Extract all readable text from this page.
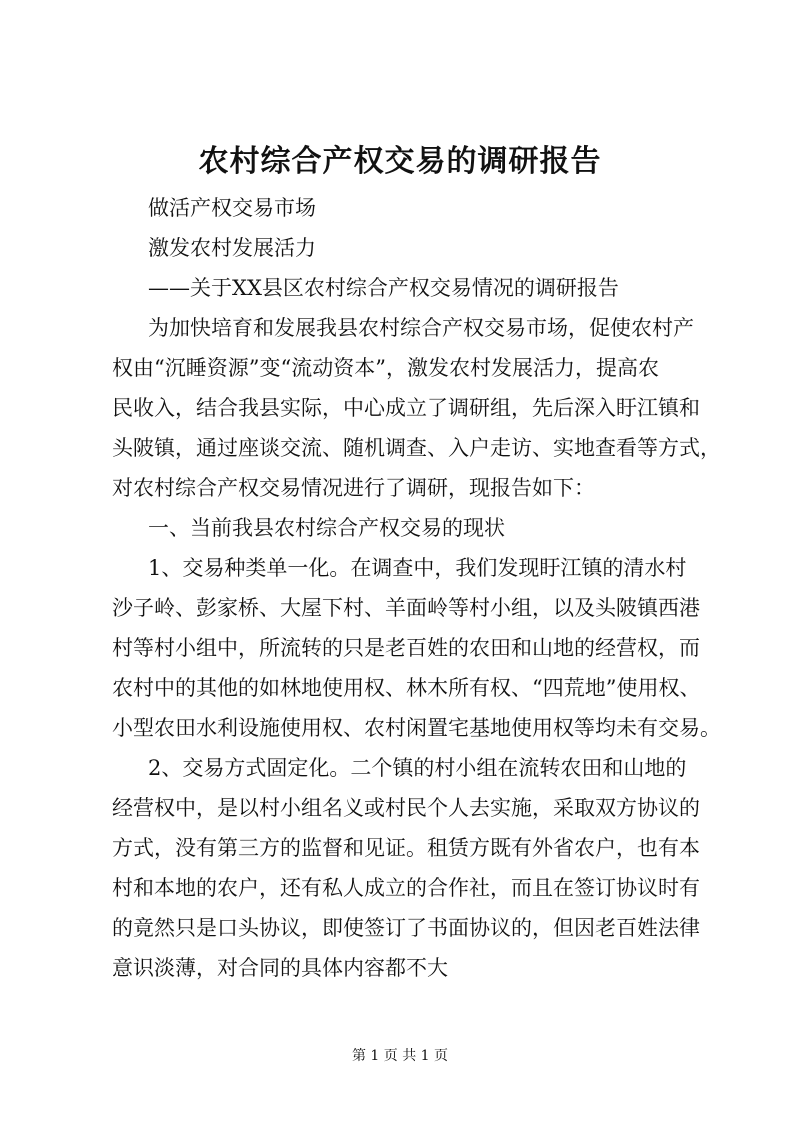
农村综合产权交易的调研报告
做活产权交易市场
激发农村发展活力
——关于XX县区农村综合产权交易情况的调研报告
为加快培育和发展我县农村综合产权交易市场，促使农村产
权由“沉睡资源”变“流动资本”，激发农村发展活力，提高农
民收入，结合我县实际，中心成立了调研组，先后深入盱江镇和
头陂镇，通过座谈交流、随机调查、入户走访、实地查看等方式，
对农村综合产权交易情况进行了调研，现报告如下：
一、当前我县农村综合产权交易的现状
1、交易种类单一化。在调查中，我们发现盱江镇的清水村
沙子岭、彭家桥、大屋下村、羊面岭等村小组，以及头陂镇西港
村等村小组中，所流转的只是老百姓的农田和山地的经营权，而
农村中的其他的如林地使用权、林木所有权、“四荒地”使用权、
小型农田水利设施使用权、农村闲置宅基地使用权等均未有交易。
2、交易方式固定化。二个镇的村小组在流转农田和山地的
经营权中，是以村小组名义或村民个人去实施，采取双方协议的
方式，没有第三方的监督和见证。租赁方既有外省农户，也有本
村和本地的农户，还有私人成立的合作社，而且在签订协议时有
的竟然只是口头协议，即使签订了书面协议的，但因老百姓法律
意识淡薄，对合同的具体内容都不大
第 1 页 共 1 页
